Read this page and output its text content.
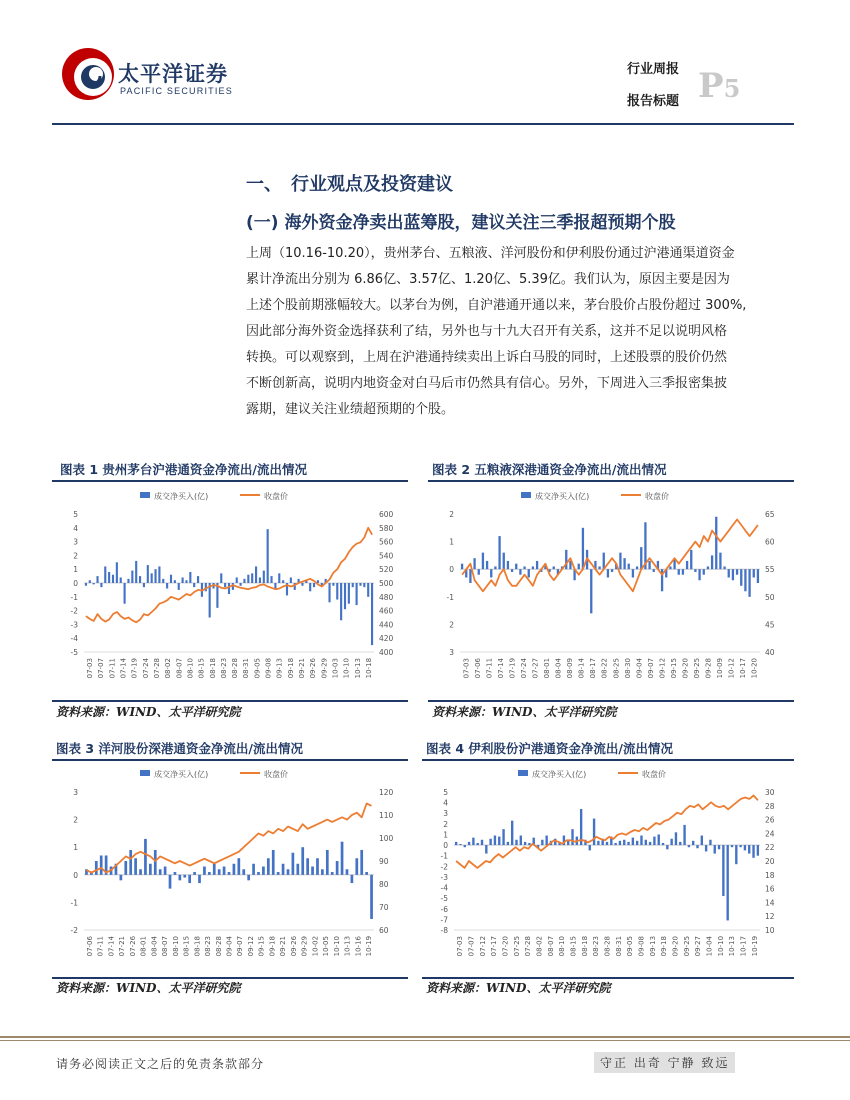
太平洋证券
PACIFIC SECURITIES
行业周报
报告标题 P5
一、　行业观点及投资建议
(一) 海外资金净卖出蓝筹股，建议关注三季报超预期个股
上周（10.16-10.20），贵州茅台、五粮液、洋河股份和伊利股份通过沪港通渠道资金
累计净流出分别为 6.86亿、3.57亿、1.20亿、5.39亿。我们认为，原因主要是因为
上述个股前期涨幅较大。以茅台为例，自沪港通开通以来，茅台股价占股份超过 300%,
因此部分海外资金选择获利了结，另外也与十九大召开有关系，这并不足以说明风格
转换。可以观察到，上周在沪港通持续卖出上诉白马股的同时，上述股票的股价仍然
不断创新高，说明内地资金对白马后市仍然具有信心。另外，下周进入三季报密集披
露期，建议关注业绩超预期的个股。
图表 1 贵州茅台沪港通资金净流出/流出情况
成交净买入(亿)	收盘价
5
4
3
2
1
0
-1
-2
-3
-4
-5
600
580
560
540
520
500
480
460
440
420
400
07-03 07-07 07-11 07-14 07-19 07-24 07-28 08-02 08-07 08-10 08-15 08-18 08-23 08-28 08-31 09-05 09-08 09-13 09-18 09-21 09-26 09-29 10-03 10-10 10-13 10-18
资料来源：WIND、太平洋研究院
图表 2 五粮液深港通资金净流出/流出情况
成交净买入(亿)	收盘价
2
1
0
-1
2
3
65
60
55
50
45
40
07-03 07-06 07-11 07-14 07-19 07-24 07-27 08-01 08-04 08-09 08-14 08-17 08-22 08-25 08-30 09-04 09-07 09-12 09-15 09-20 09-25 09-28 10-09 10-12 10-17 10-20
资料来源：WIND、太平洋研究院
图表 3 洋河股份深港通资金净流出/流出情况
成交净买入(亿)	收盘价
3
2
1
0
-1
-2
120
110
100
90
80
70
60
07-06 07-11 07-14 07-21 07-26 08-01 08-04 08-07 08-10 08-15 08-18 08-23 08-28 09-04 09-07 09-12 09-15 09-18 09-21 09-26 09-29 10-02 10-05 10-10 10-13 10-16 10-19
资料来源：WIND、太平洋研究院
图表 4 伊利股份沪港通资金净流出/流出情况
成交净买入(亿)	收盘价
5
4
3
2
1
0
-1
-2
-3
-4
-5
-6
-7
-8
30
28
26
24
22
20
18
16
14
12
10
07-03 07-07 07-12 07-17 07-20 07-25 07-28 08-02 08-07 08-10 08-15 08-18 08-23 08-28 08-31 09-05 09-08 09-13 09-18 09-20 09-25 09-27 10-04 10-10 10-13 10-17 10-19
资料来源：WIND、太平洋研究院
请务必阅读正文之后的免责条款部分	守正 出奇 宁静 致远
